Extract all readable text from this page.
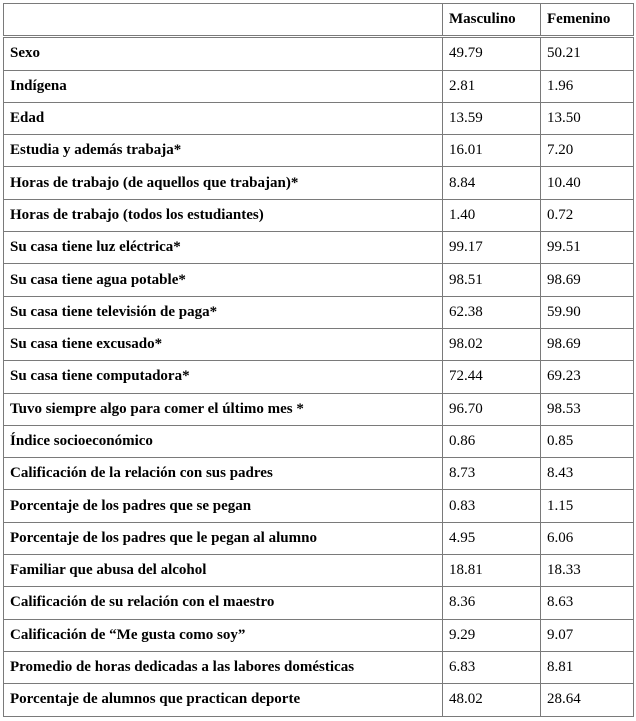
	Masculino	Femenino
Sexo	49.79	50.21
Indígena	2.81	1.96
Edad	13.59	13.50
Estudia y además trabaja*	16.01	7.20
Horas de trabajo (de aquellos que trabajan)*	8.84	10.40
Horas de trabajo (todos los estudiantes)	1.40	0.72
Su casa tiene luz eléctrica*	99.17	99.51
Su casa tiene agua potable*	98.51	98.69
Su casa tiene televisión de paga*	62.38	59.90
Su casa tiene excusado*	98.02	98.69
Su casa tiene computadora*	72.44	69.23
Tuvo siempre algo para comer el último mes *	96.70	98.53
Índice socioeconómico	0.86	0.85
Calificación de la relación con sus padres	8.73	8.43
Porcentaje de los padres que se pegan	0.83	1.15
Porcentaje de los padres que le pegan al alumno	4.95	6.06
Familiar que abusa del alcohol	18.81	18.33
Calificación de su relación con el maestro	8.36	8.63
Calificación de “Me gusta como soy”	9.29	9.07
Promedio de horas dedicadas a las labores domésticas	6.83	8.81
Porcentaje de alumnos que practican deporte	48.02	28.64
